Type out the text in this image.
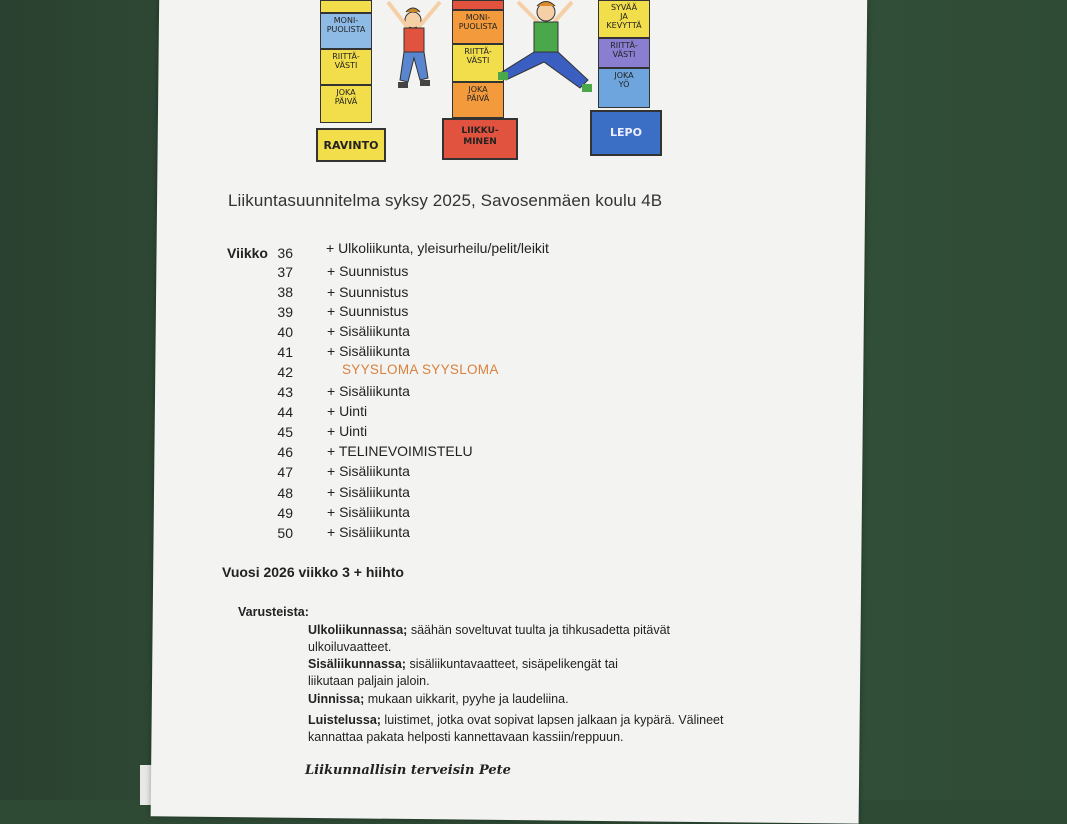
MONI-
PUOLISTA
RIITTÄ-
VÄSTI
JOKA
PÄIVÄ
RAVINTO
MONI-
PUOLISTA
RIITTÄ-
VÄSTI
JOKA
PÄIVÄ
LIIKKU-
MINEN
SYVÄÄ
JA
KEVYTTÄ
RIITTÄ-
VÄSTI
JOKA
YÖ
LEPO
Liikuntasuunnitelma syksy 2025, Savosenmäen koulu 4B
Viikko 36 + Ulkoliikunta, yleisurheilu/pelit/leikit
37 + Suunnistus
38 + Suunnistus
39 + Suunnistus
40 + Sisäliikunta
41 + Sisäliikunta
42	SYYSLOMA SYYSLOMA
43 + Sisäliikunta
44 + Uinti
45 + Uinti
46 + TELINEVOIMISTELU
47 + Sisäliikunta
48 + Sisäliikunta
49 + Sisäliikunta
50 + Sisäliikunta
Vuosi 2026 viikko 3 + hiihto
Varusteista:
Ulkoliikunnassa; säähän soveltuvat tuulta ja tihkusadetta pitävät
ulkoiluvaatteet.
Sisäliikunnassa; sisäliikuntavaatteet, sisäpelikengät tai
liikutaan paljain jaloin.
Uinnissa; mukaan uikkarit, pyyhe ja laudeliina.
Luistelussa; luistimet, jotka ovat sopivat lapsen jalkaan ja kypärä. Välineet
kannattaa pakata helposti kannettavaan kassiin/reppuun.
Liikunnallisin terveisin Pete
